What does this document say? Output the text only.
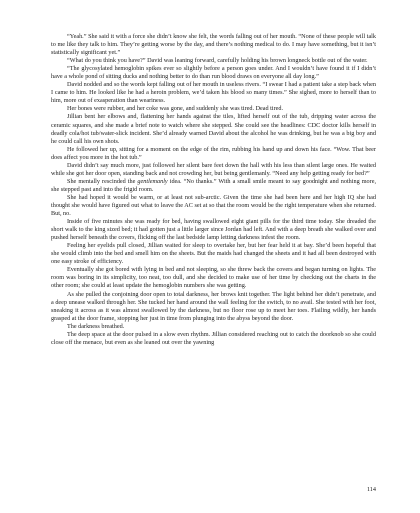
“Yeah.” She said it with a force she didn’t know she felt, the words falling out of her mouth. “None of these people will talk to me like they talk to him. They’re getting worse by the day, and there’s nothing medical to do. I may have something, but it isn’t statistically significant yet.”

“What do you think you have?” David was leaning forward, carefully holding his brown longneck bottle out of the water.

“The glycosylated hemoglobin spikes ever so slightly before a person goes under. And I wouldn’t have found it if I didn’t have a whole pond of sitting ducks and nothing better to do than run blood draws on everyone all day long.”

David nodded and so the words kept falling out of her mouth in useless rivers. “I swear I had a patient take a step back when I came to him. He looked like he had a heroin problem, we’d taken his blood so many times.” She sighed, more to herself than to him, more out of exasperation than weariness.

Her bones were rubber, and her coke was gone, and suddenly she was tired. Dead tired.

Jillian bent her elbows and, flattening her hands against the tiles, lifted herself out of the tub, dripping water across the ceramic squares, and she made a brief note to watch where she stepped. She could see the headlines: CDC doctor kills herself in deadly cola/hot tub/water-slick incident. She’d already warned David about the alcohol he was drinking, but he was a big boy and he could call his own shots.

He followed her up, sitting for a moment on the edge of the rim, rubbing his hand up and down his face. “Wow. That beer does affect you more in the hot tub.”

David didn’t say much more, just followed her silent bare feet down the hall with his less than silent large ones. He waited while she got her door open, standing back and not crowding her, but being gentlemanly. “Need any help getting ready for bed?”

She mentally rescinded the gentlemanly idea. “No thanks.” With a small smile meant to say goodnight and nothing more, she stepped past and into the frigid room.

She had hoped it would be warm, or at least not sub-arctic. Given the time she had been here and her high IQ she had thought she would have figured out what to leave the AC set at so that the room would be the right temperature when she returned. But, no.

Inside of five minutes she was ready for bed, having swallowed eight giant pills for the third time today. She dreaded the short walk to the king sized bed; it had gotten just a little larger since Jordan had left. And with a deep breath she walked over and pushed herself beneath the covers, flicking off the last bedside lamp letting darkness infest the room.

Feeling her eyelids pull closed, Jillian waited for sleep to overtake her, but her fear held it at bay. She’d been hopeful that she would climb into the bed and smell him on the sheets. But the maids had changed the sheets and it had all been destroyed with one easy stroke of efficiency.

Eventually she got bored with lying in bed and not sleeping, so she threw back the covers and began turning on lights. The room was boring in its simplicity, too neat, too dull, and she decided to make use of her time by checking out the charts in the other room; she could at least update the hemoglobin numbers she was getting.

As she pulled the conjoining door open to total darkness, her brows knit together. The light behind her didn’t penetrate, and a deep unease walked through her. She tucked her hand around the wall feeling for the switch, to no avail. She tested with her foot, sneaking it across as it was almost swallowed by the darkness, but no floor rose up to meet her toes. Flailing wildly, her hands grasped at the door frame, stopping her just in time from plunging into the abyss beyond the door.

The darkness breathed.

The deep space at the door pulsed in a slow even rhythm. Jillian considered reaching out to catch the doorknob so she could close off the menace, but even as she leaned out over the yawning

114
